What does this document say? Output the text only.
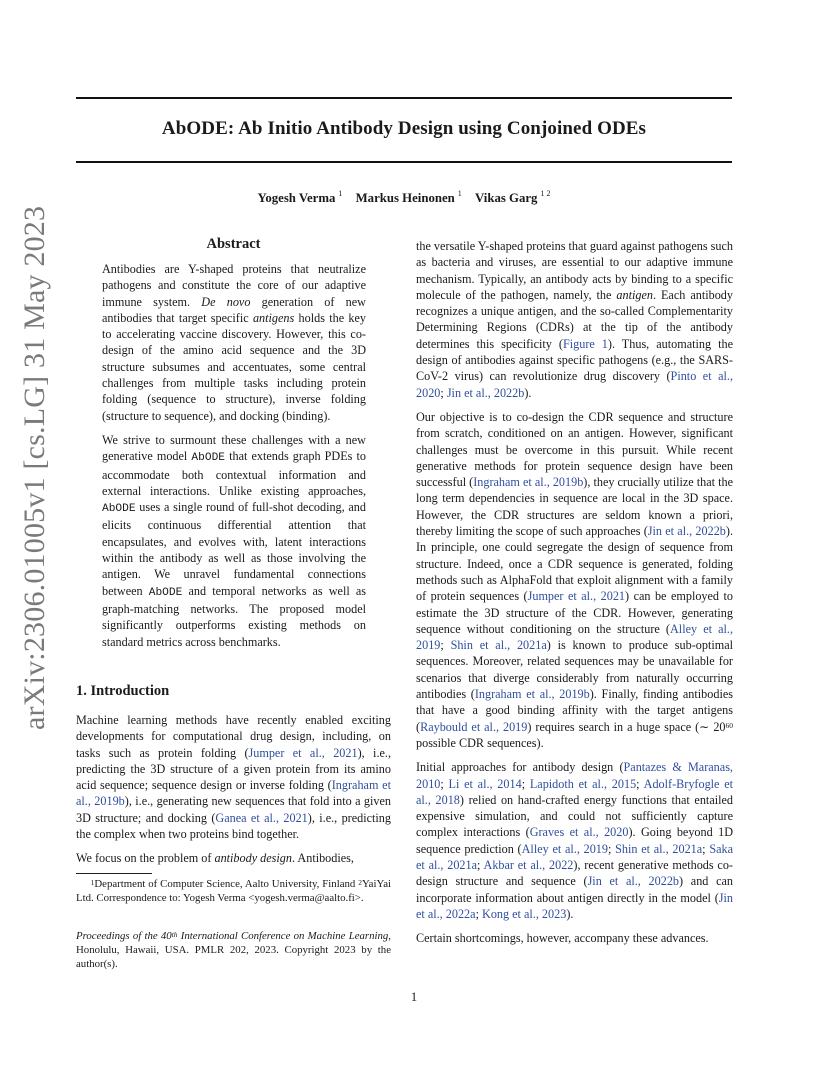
AbODE: Ab Initio Antibody Design using Conjoined ODEs
Yogesh Verma $^1$ Markus Heinonen $^1$ Vikas Garg $^{1 2}$
arXiv:2306.01005v1 [cs.LG] 31 May 2023	Abstract

Antibodies are Y-shaped proteins that neutralize pathogens and constitute the core of our adaptive immune system. De novo generation of new antibodies that target specific antigens holds the key to accelerating vaccine discovery. However, this co-design of the amino acid sequence and the 3D structure subsumes and accentuates, some central challenges from multiple tasks including protein folding (sequence to structure), inverse folding (structure to sequence), and docking (binding).

We strive to surmount these challenges with a new generative model AbODE that extends graph PDEs to accommodate both contextual information and external interactions. Unlike existing approaches, AbODE uses a single round of full-shot decoding, and elicits continuous differential attention that encapsulates, and evolves with, latent interactions within the antibody as well as those involving the antigen. We unravel fundamental connections between AbODE and temporal networks as well as graph-matching networks. The proposed model significantly outperforms existing methods on standard metrics across benchmarks.

1. Introduction

Machine learning methods have recently enabled exciting developments for computational drug design, including, on tasks such as protein folding (Jumper et al., 2021), i.e., predicting the 3D structure of a given protein from its amino acid sequence; sequence design or inverse folding (Ingraham et al., 2019b), i.e., generating new sequences that fold into a given 3D structure; and docking (Ganea et al., 2021), i.e., predicting the complex when two proteins bind together.

We focus on the problem of antibody design. Antibodies,

$^1$Department of Computer Science, Aalto University, Finland $^2$YaiYai Ltd. Correspondence to: Yogesh Verma <yogesh.verma@aalto.fi>.
Proceedings of the 40th International Conference on Machine Learning, Honolulu, Hawaii, USA. PMLR 202, 2023. Copyright 2023 by the author(s).

the versatile Y-shaped proteins that guard against pathogens such as bacteria and viruses, are essential to our adaptive immune mechanism. Typically, an antibody acts by binding to a specific molecule of the pathogen, namely, the antigen. Each antibody recognizes a unique antigen, and the so-called Complementarity Determining Regions (CDRs) at the tip of the antibody determines this specificity (Figure 1). Thus, automating the design of antibodies against specific pathogens (e.g., the SARS-CoV-2 virus) can revolutionize drug discovery (Pinto et al., 2020; Jin et al., 2022b).

Our objective is to co-design the CDR sequence and structure from scratch, conditioned on an antigen. However, significant challenges must be overcome in this pursuit. While recent generative methods for protein sequence design have been successful (Ingraham et al., 2019b), they crucially utilize that the long term dependencies in sequence are local in the 3D space. However, the CDR structures are seldom known a priori, thereby limiting the scope of such approaches (Jin et al., 2022b). In principle, one could segregate the design of sequence from structure. Indeed, once a CDR sequence is generated, folding methods such as AlphaFold that exploit alignment with a family of protein sequences (Jumper et al., 2021) can be employed to estimate the 3D structure of the CDR. However, generating sequence without conditioning on the structure (Alley et al., 2019; Shin et al., 2021a) is known to produce sub-optimal sequences. Moreover, related sequences may be unavailable for scenarios that diverge considerably from naturally occurring antibodies (Ingraham et al., 2019b). Finally, finding antibodies that have a good binding affinity with the target antigens (Raybould et al., 2019) requires search in a huge space (∼ $20^{60}$ possible CDR sequences).

Initial approaches for antibody design (Pantazes & Maranas, 2010; Li et al., 2014; Lapidoth et al., 2015; Adolf-Bryfogle et al., 2018) relied on hand-crafted energy functions that entailed expensive simulation, and could not sufficiently capture complex interactions (Graves et al., 2020). Going beyond 1D sequence prediction (Alley et al., 2019; Shin et al., 2021a; Saka et al., 2021a; Akbar et al., 2022), recent generative methods co-design structure and sequence (Jin et al., 2022b) and can incorporate information about antigen directly in the model (Jin et al., 2022a; Kong et al., 2023).

Certain shortcomings, however, accompany these advances.

1
